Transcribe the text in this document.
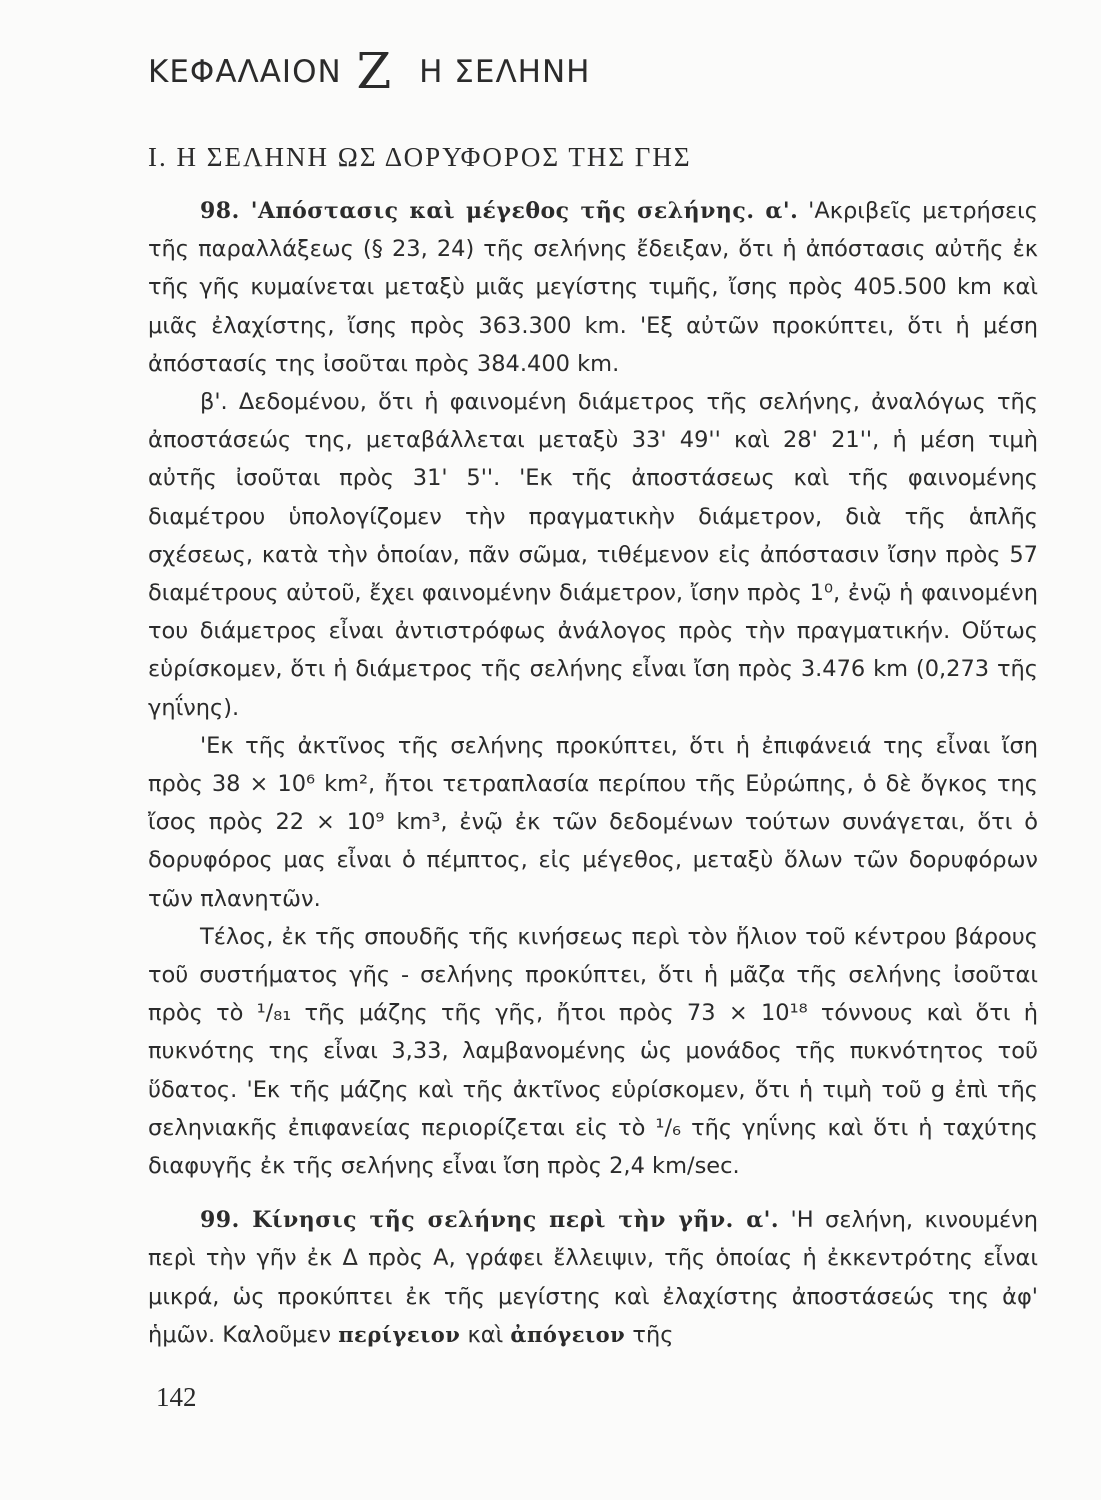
ΚΕΦΑΛΑΙΟΝ Ζ Η ΣΕΛΗΝΗ
Ι. Η ΣΕΛΗΝΗ ΩΣ ΔΟΡΥΦΟΡΟΣ ΤΗΣ ΓΗΣ

98. 'Απόστασις καὶ μέγεθος τῆς σελήνης. α'. 'Ακριβεῖς μετρήσεις τῆς παραλλάξεως (§ 23, 24) τῆς σελήνης ἔδειξαν, ὅτι ἡ ἀπόστασις αὐτῆς ἐκ τῆς γῆς κυμαίνεται μεταξὺ μιᾶς μεγίστης τιμῆς, ἴσης πρὸς 405.500 km καὶ μιᾶς ἐλαχίστης, ἴσης πρὸς 363.300 km. 'Εξ αὐτῶν προκύπτει, ὅτι ἡ μέση ἀπόστασίς της ἰσοῦται πρὸς 384.400 km.

β'. Δεδομένου, ὅτι ἡ φαινομένη διάμετρος τῆς σελήνης, ἀναλόγως τῆς ἀποστάσεώς της, μεταβάλλεται μεταξὺ 33' 49'' καὶ 28' 21'', ἡ μέση τιμὴ αὐτῆς ἰσοῦται πρὸς 31' 5''. 'Εκ τῆς ἀποστάσεως καὶ τῆς φαινομένης διαμέτρου ὑπολογίζομεν τὴν πραγματικὴν διάμετρον, διὰ τῆς ἁπλῆς σχέσεως, κατὰ τὴν ὁποίαν, πᾶν σῶμα, τιθέμενον εἰς ἀπόστασιν ἴσην πρὸς 57 διαμέτρους αὐτοῦ, ἔχει φαινομένην διάμετρον, ἴσην πρὸς 1⁰, ἐνῷ ἡ φαινομένη του διάμετρος εἶναι ἀντιστρόφως ἀνάλογος πρὸς τὴν πραγματικήν. Οὕτως εὑρίσκομεν, ὅτι ἡ διάμετρος τῆς σελήνης εἶναι ἴση πρὸς 3.476 km (0,273 τῆς γηΐνης).

'Εκ τῆς ἀκτῖνος τῆς σελήνης προκύπτει, ὅτι ἡ ἐπιφάνειά της εἶναι ἴση πρὸς 38 × 10⁶ km², ἤτοι τετραπλασία περίπου τῆς Εὐρώπης, ὁ δὲ ὄγκος της ἴσος πρὸς 22 × 10⁹ km³, ἐνῷ ἐκ τῶν δεδομένων τούτων συνάγεται, ὅτι ὁ δορυφόρος μας εἶναι ὁ πέμπτος, εἰς μέγεθος, μεταξὺ ὅλων τῶν δορυφόρων τῶν πλανητῶν.

Τέλος, ἐκ τῆς σπουδῆς τῆς κινήσεως περὶ τὸν ἥλιον τοῦ κέντρου βάρους τοῦ συστήματος γῆς - σελήνης προκύπτει, ὅτι ἡ μᾶζα τῆς σελήνης ἰσοῦται πρὸς τὸ ¹/₈₁ τῆς μάζης τῆς γῆς, ἤτοι πρὸς 73 × 10¹⁸ τόννους καὶ ὅτι ἡ πυκνότης της εἶναι 3,33, λαμβανομένης ὡς μονάδος τῆς πυκνότητος τοῦ ὕδατος. 'Εκ τῆς μάζης καὶ τῆς ἀκτῖνος εὑρίσκομεν, ὅτι ἡ τιμὴ τοῦ g ἐπὶ τῆς σεληνιακῆς ἐπιφανείας περιορίζεται εἰς τὸ ¹/₆ τῆς γηΐνης καὶ ὅτι ἡ ταχύτης διαφυγῆς ἐκ τῆς σελήνης εἶναι ἴση πρὸς 2,4 km/sec.

99. Κίνησις τῆς σελήνης περὶ τὴν γῆν. α'. 'Η σελήνη, κινουμένη περὶ τὴν γῆν ἐκ Δ πρὸς Α, γράφει ἔλλειψιν, τῆς ὁποίας ἡ ἐκκεντρότης εἶναι μικρά, ὡς προκύπτει ἐκ τῆς μεγίστης καὶ ἐλαχίστης ἀποστάσεώς της ἀφ' ἡμῶν. Καλοῦμεν περίγειον καὶ ἀπόγειον τῆς

142
